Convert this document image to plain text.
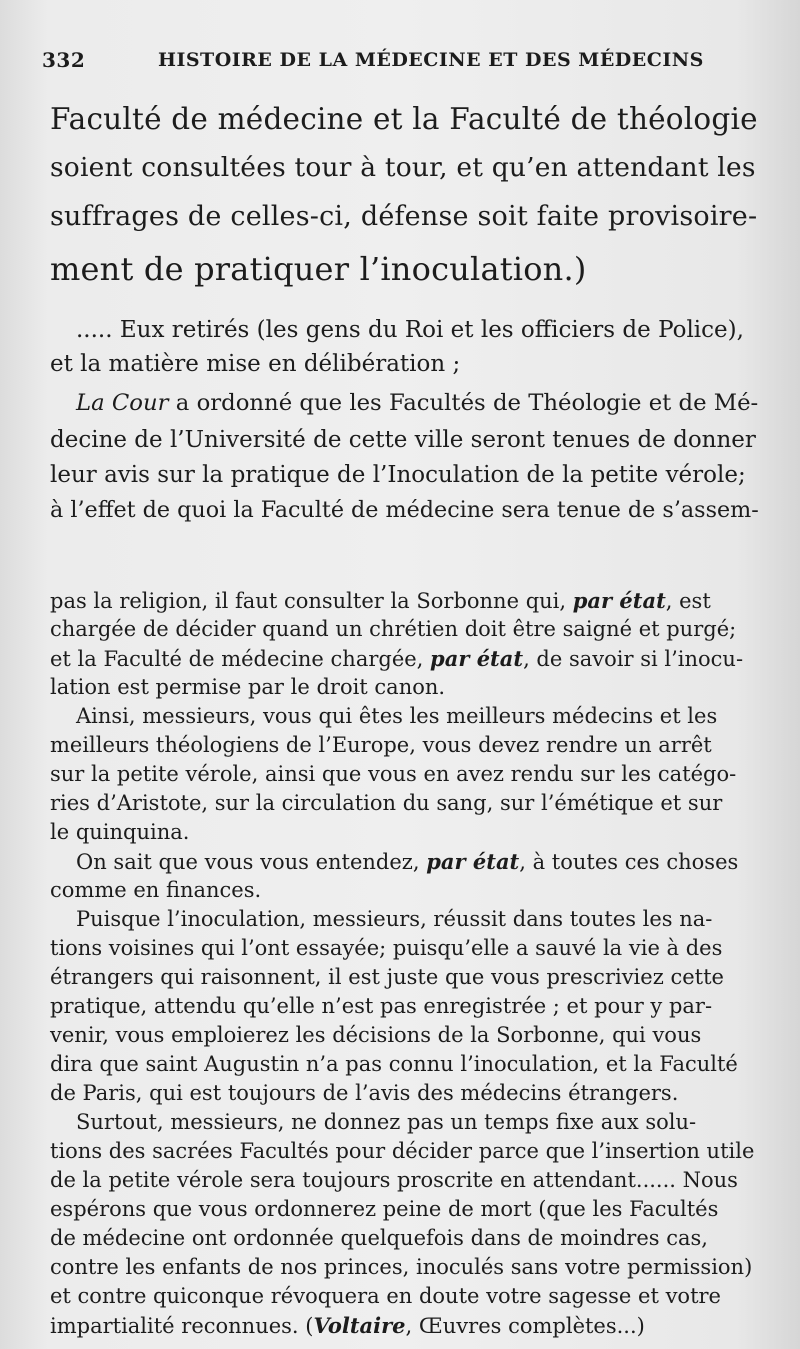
332	HISTOIRE DE LA MÉDECINE ET DES MÉDECINS
Faculté de médecine et la Faculté de théologie
soient consultées tour à tour, et qu’en attendant les
suffrages de celles-ci, défense soit faite provisoire-
ment de pratiquer l’inoculation.)
..... Eux retirés (les gens du Roi et les officiers de Police),
et la matière mise en délibération ;
La Cour a ordonné que les Facultés de Théologie et de Mé-
decine de l’Université de cette ville seront tenues de donner
leur avis sur la pratique de l’Inoculation de la petite vérole;
à l’effet de quoi la Faculté de médecine sera tenue de s’assem-
pas la religion, il faut consulter la Sorbonne qui, par état, est
chargée de décider quand un chrétien doit être saigné et purgé;
et la Faculté de médecine chargée, par état, de savoir si l’inocu-
lation est permise par le droit canon.
Ainsi, messieurs, vous qui êtes les meilleurs médecins et les
meilleurs théologiens de l’Europe, vous devez rendre un arrêt
sur la petite vérole, ainsi que vous en avez rendu sur les catégo-
ries d’Aristote, sur la circulation du sang, sur l’émétique et sur
le quinquina.
On sait que vous vous entendez, par état, à toutes ces choses
comme en finances.
Puisque l’inoculation, messieurs, réussit dans toutes les na-
tions voisines qui l’ont essayée; puisqu’elle a sauvé la vie à des
étrangers qui raisonnent, il est juste que vous prescriviez cette
pratique, attendu qu’elle n’est pas enregistrée ; et pour y par-
venir, vous emploierez les décisions de la Sorbonne, qui vous
dira que saint Augustin n’a pas connu l’inoculation, et la Faculté
de Paris, qui est toujours de l’avis des médecins étrangers.
Surtout, messieurs, ne donnez pas un temps fixe aux solu-
tions des sacrées Facultés pour décider parce que l’insertion utile
de la petite vérole sera toujours proscrite en attendant...... Nous
espérons que vous ordonnerez peine de mort (que les Facultés
de médecine ont ordonnée quelquefois dans de moindres cas,
contre les enfants de nos princes, inoculés sans votre permission)
et contre quiconque révoquera en doute votre sagesse et votre
impartialité reconnues. (Voltaire, Œuvres complètes...)
